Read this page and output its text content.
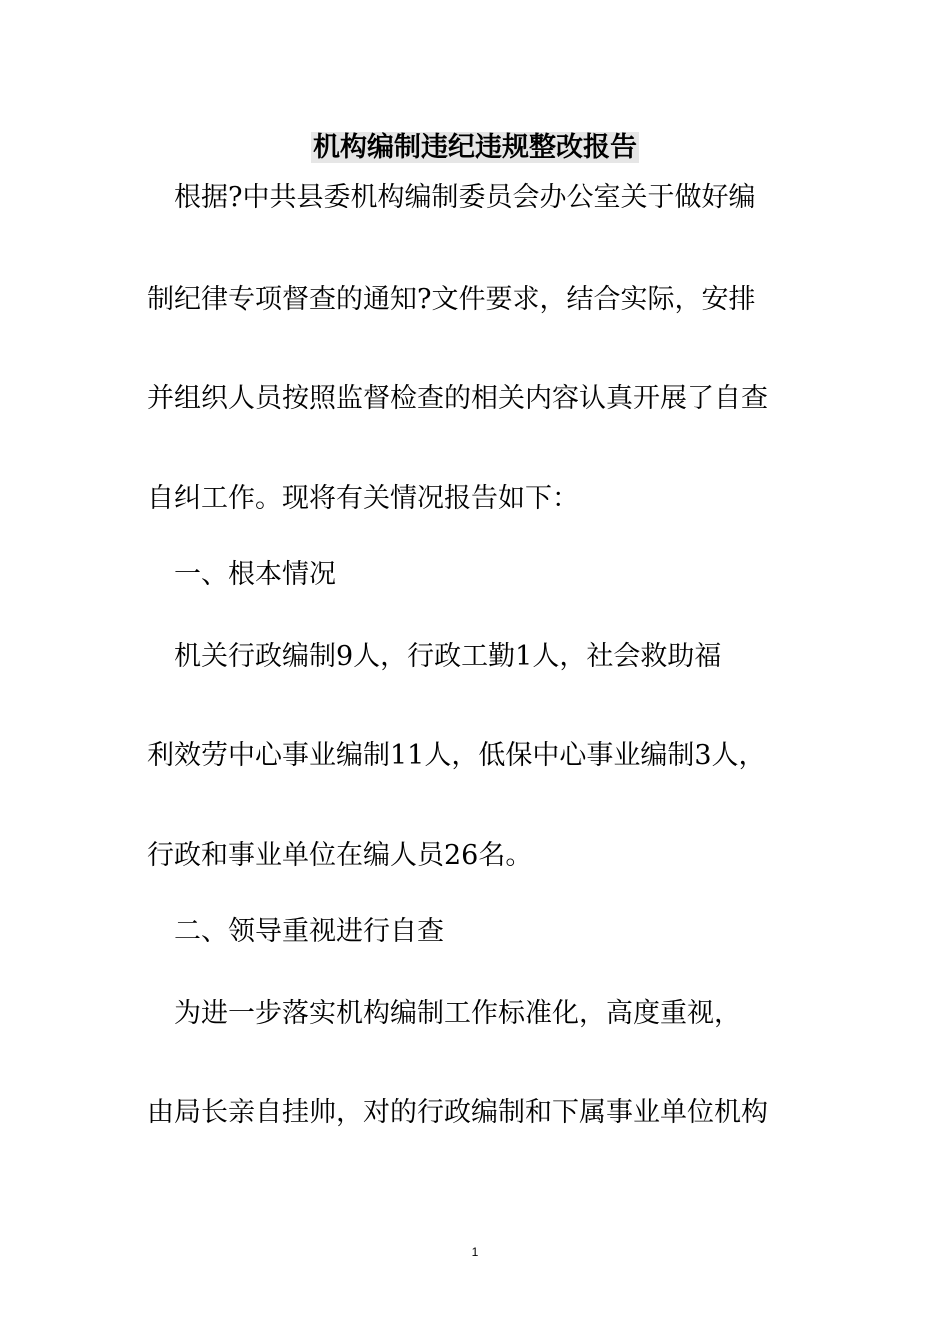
机构编制违纪违规整改报告
　根据?中共县委机构编制委员会办公室关于做好编
制纪律专项督查的通知?文件要求，结合实际，安排
并组织人员按照监督检查的相关内容认真开展了自查
自纠工作。现将有关情况报告如下：
　一、根本情况
　机关行政编制9人，行政工勤1人，社会救助福
利效劳中心事业编制11人，低保中心事业编制3人，
行政和事业单位在编人员26名。
　二、领导重视进行自查
　为进一步落实机构编制工作标准化，高度重视，
由局长亲自挂帅，对的行政编制和下属事业单位机构
1
